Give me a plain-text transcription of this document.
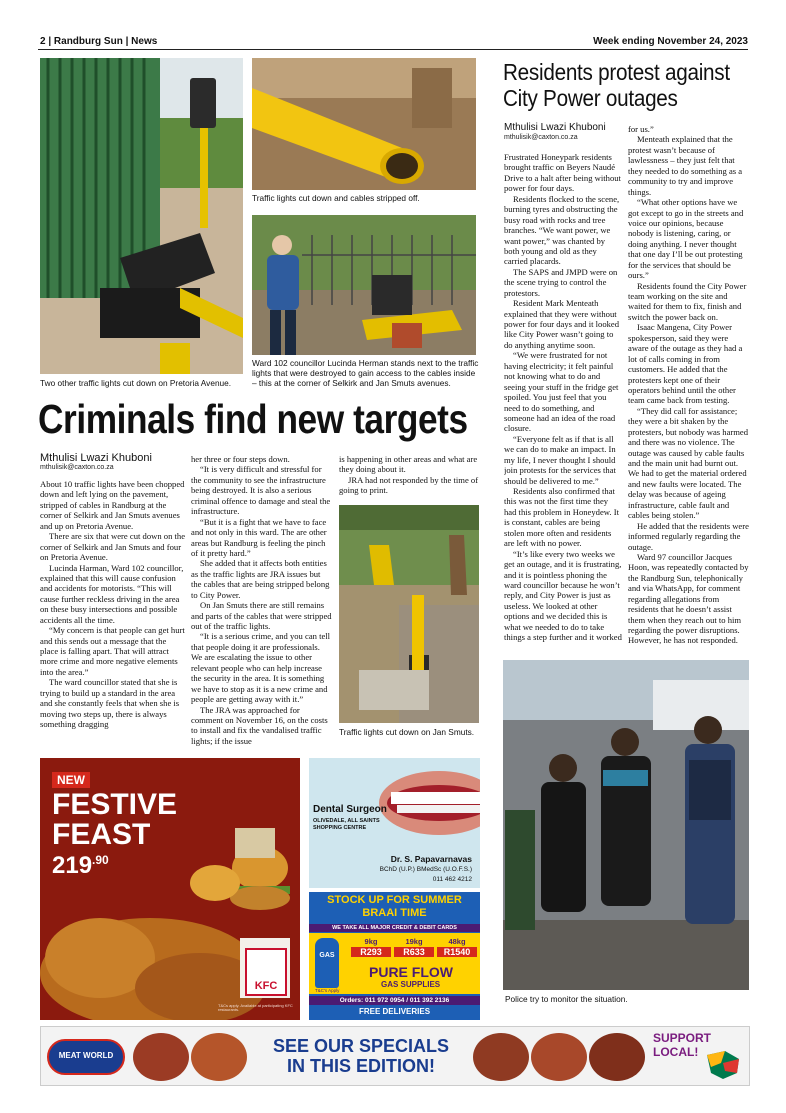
2 | Randburg Sun | News	Week ending November 24, 2023
Two other traffic lights cut down on Pretoria Avenue.
Traffic lights cut down and cables stripped off.
Ward 102 councillor Lucinda Herman stands next to the traffic lights that were destroyed to gain access to the cables inside – this at the corner of Selkirk and Jan Smuts avenues.
Criminals find new targets
Mthulisi Lwazi Khuboni
mthulisik@caxton.co.za

About 10 traffic lights have been chopped down and left lying on the pavement, stripped of cables in Randburg at the corner of Selkirk and Jan Smuts avenues and up on Pretoria Avenue.

There are six that were cut down on the corner of Selkirk and Jan Smuts and four on Pretoria Avenue.

Lucinda Harman, Ward 102 councillor, explained that this will cause confusion and accidents for motorists. “This will cause further reckless driving in the area on these busy intersections and possible accidents all the time.

“My concern is that people can get hurt and this sends out a message that the place is falling apart. That will attract more crime and more negative elements into the area.”

The ward councillor stated that she is trying to build up a standard in the area and she constantly feels that when she is moving two steps up, there is always something dragging

her three or four steps down.

“It is very difficult and stressful for the community to see the infrastructure being destroyed. It is also a serious criminal offence to damage and steal the infrastructure.

“But it is a fight that we have to face and not only in this ward. The are other areas but Randburg is feeling the pinch of it pretty hard.”

She added that it affects both entities as the traffic lights are JRA issues but the cables that are being stripped belong to City Power.

On Jan Smuts there are still remains and parts of the cables that were stripped out of the traffic lights.

“It is a serious crime, and you can tell that people doing it are professionals. We are escalating the issue to other relevant people who can help increase the security in the area. It is something we have to stop as it is a new crime and people are getting away with it.”

The JRA was approached for comment on November 16, on the costs to install and fix the vandalised traffic lights; if the issue

is happening in other areas and what are they doing about it.

JRA had not responded by the time of going to print.

Traffic lights cut down on Jan Smuts.
Residents protest against
City Power outages
Mthulisi Lwazi Khuboni
mthulisik@caxton.co.za

Frustrated Honeypark residents brought traffic on Beyers Naudé Drive to a halt after being without power for four days.

Residents flocked to the scene, burning tyres and obstructing the busy road with rocks and tree branches. “We want power, we want power,” was chanted by both young and old as they carried placards.

The SAPS and JMPD were on the scene trying to control the protestors.

Resident Mark Menteath explained that they were without power for four days and it looked like City Power wasn’t going to do anything anytime soon.

“We were frustrated for not having electricity; it felt painful not knowing what to do and seeing your stuff in the fridge get spoiled. You just feel that you need to do something, and someone had an idea of the road closure.

“Everyone felt as if that is all we can do to make an impact. In my life, I never thought I should join protests for the services that should be delivered to me.”

Residents also confirmed that this was not the first time they had this problem in Honeydew. It is constant, cables are being stolen more often and residents are left with no power.

“It’s like every two weeks we get an outage, and it is frustrating, and it is pointless phoning the ward councillor because he won’t reply, and City Power is just as useless. We looked at other options and we decided this is what we needed to do to take things a step further and it worked

for us.”

Menteath explained that the protest wasn’t because of lawlessness – they just felt that they needed to do something as a community to try and improve things.

“What other options have we got except to go in the streets and voice our opinions, because nobody is listening, caring, or doing anything. I never thought that one day I’ll be out protesting for the services that should be ours.”

Residents found the City Power team working on the site and waited for them to fix, finish and switch the power back on.

Isaac Mangena, City Power spokesperson, said they were aware of the outage as they had a lot of calls coming in from customers. He added that the protesters kept one of their operators behind until the other team came back from testing.

“They did call for assistance; they were a bit shaken by the protesters, but nobody was harmed and there was no violence. The outage was caused by cable faults and the main unit had burnt out. We had to get the material ordered and new faults were located. The delay was because of ageing infrastructure, cable fault and cables being stolen.”

He added that the residents were informed regularly regarding the outage.

Ward 97 councillor Jacques Hoon, was repeatedly contacted by the Randburg Sun, telephonically and via WhatsApp, for comment regarding allegations from residents that he doesn’t assist them when they reach out to him regarding the power disruptions. However, he has not responded.

Police try to monitor the situation.
NEW
FESTIVE
FEAST
$219^{.90}$
KFC
T&Cs apply. Available at participating KFC restaurants.
Dental Surgeon
OLIVEDALE, ALL SAINTS
SHOPPING CENTRE
Dr. S. Papavarnavas
BChD (U.P.) BMedSc (U.O.F.S.)
011 462 4212
STOCK UP FOR SUMMER
BRAAI TIME
WE TAKE ALL MAJOR CREDIT & DEBIT CARDS
GAS
9kg
R293
19kg
R633
48kg
R1540
T&C's Apply
PURE FLOW
GAS SUPPLIES
Orders: 011 972 0954 / 011 392 2136
FREE DELIVERIES
MEAT WORLD	SEE OUR SPECIALS
IN THIS EDITION!
SUPPORT
LOCAL!
